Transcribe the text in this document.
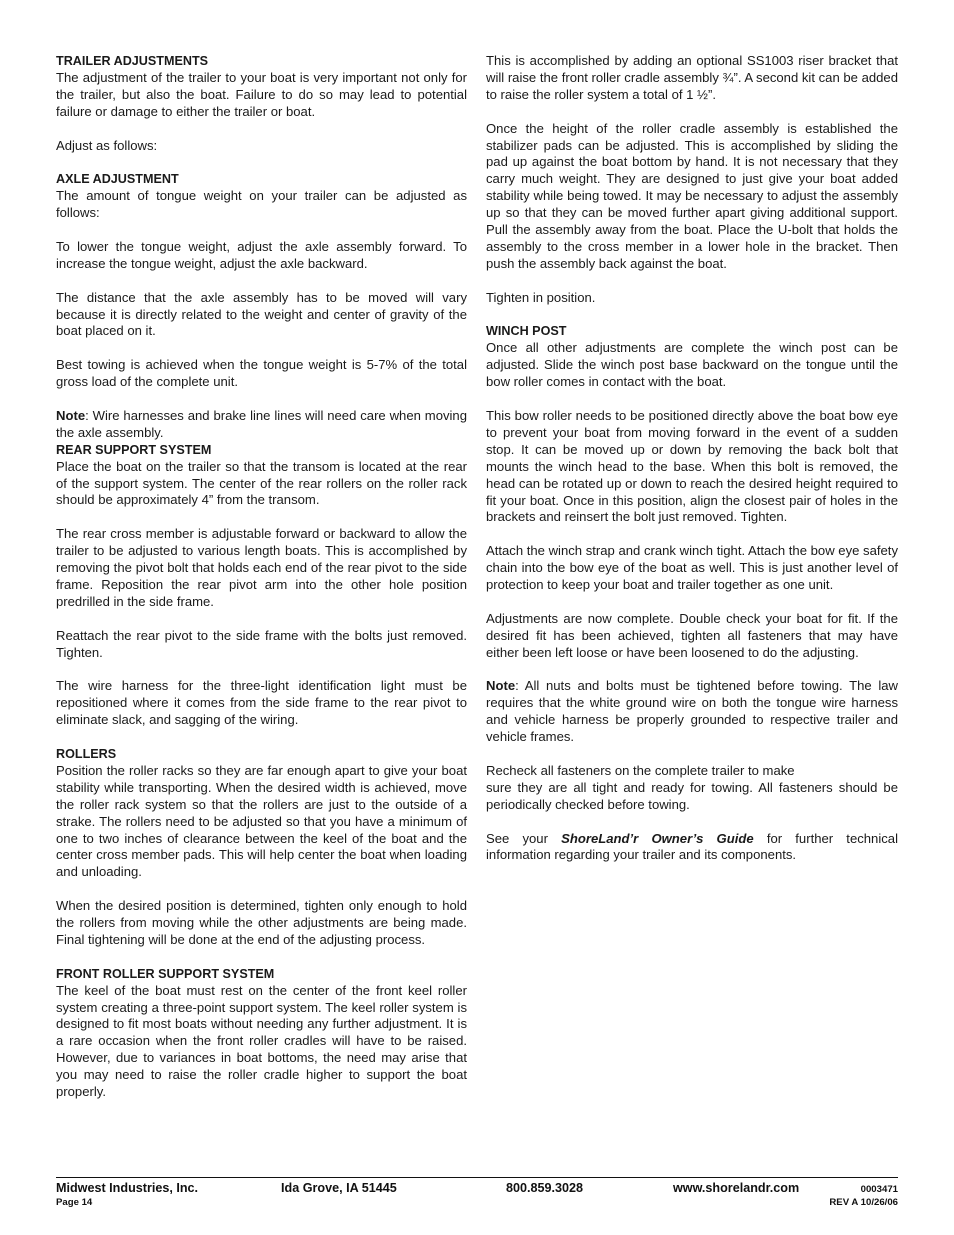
TRAILER ADJUSTMENTS
The adjustment of the trailer to your boat is very important not only for the trailer, but also the boat. Failure to do so may lead to potential failure or damage to either the trailer or boat.
Adjust as follows:
AXLE ADJUSTMENT
The amount of tongue weight on your trailer can be adjusted as follows:
To lower the tongue weight, adjust the axle assembly forward. To increase the tongue weight, adjust the axle backward.
The distance that the axle assembly has to be moved will vary because it is directly related to the weight and center of gravity of the boat placed on it.
Best towing is achieved when the tongue weight is 5-7% of the total gross load of the complete unit.
Note: Wire harnesses and brake line lines will need care when moving the axle assembly.
REAR SUPPORT SYSTEM
Place the boat on the trailer so that the transom is located at the rear of the support system. The center of the rear rollers on the roller rack should be approximately 4” from the transom.
The rear cross member is adjustable forward or backward to allow the trailer to be adjusted to various length boats. This is accomplished by removing the pivot bolt that holds each end of the rear pivot to the side frame. Reposition the rear pivot arm into the other hole position predrilled in the side frame.
Reattach the rear pivot to the side frame with the bolts just removed. Tighten.
The wire harness for the three-light identification light must be repositioned where it comes from the side frame to the rear pivot to eliminate slack, and sagging of the wiring.
ROLLERS
Position the roller racks so they are far enough apart to give your boat stability while transporting. When the desired width is achieved, move the roller rack system so that the rollers are just to the outside of a strake. The rollers need to be adjusted so that you have a minimum of one to two inches of clearance between the keel of the boat and the center cross member pads. This will help center the boat when loading and unloading.
When the desired position is determined, tighten only enough to hold the rollers from moving while the other adjustments are being made. Final tightening will be done at the end of the adjusting process.
FRONT ROLLER SUPPORT SYSTEM
The keel of the boat must rest on the center of the front keel roller system creating a three-point support system. The keel roller system is designed to fit most boats without needing any further adjustment. It is a rare occasion when the front roller cradles will have to be raised. However, due to variances in boat bottoms, the need may arise that you may need to raise the roller cradle higher to support the boat properly.
This is accomplished by adding an optional SS1003 riser bracket that will raise the front roller cradle assembly ¾”. A second kit can be added to raise the roller system a total of 1 ½”.
Once the height of the roller cradle assembly is established the stabilizer pads can be adjusted. This is accomplished by sliding the pad up against the boat bottom by hand. It is not necessary that they carry much weight. They are designed to just give your boat added stability while being towed. It may be necessary to adjust the assembly up so that they can be moved further apart giving additional support. Pull the assembly away from the boat. Place the U-bolt that holds the assembly to the cross member in a lower hole in the bracket. Then push the assembly back against the boat.
Tighten in position.
WINCH POST
Once all other adjustments are complete the winch post can be adjusted. Slide the winch post base backward on the tongue until the bow roller comes in contact with the boat.
This bow roller needs to be positioned directly above the boat bow eye to prevent your boat from moving forward in the event of a sudden stop. It can be moved up or down by removing the back bolt that mounts the winch head to the base. When this bolt is removed, the head can be rotated up or down to reach the desired height required to fit your boat. Once in this position, align the closest pair of holes in the brackets and reinsert the bolt just removed. Tighten.
Attach the winch strap and crank winch tight. Attach the bow eye safety chain into the bow eye of the boat as well. This is just another level of protection to keep your boat and trailer together as one unit.
Adjustments are now complete. Double check your boat for fit. If the desired fit has been achieved, tighten all fasteners that may have either been left loose or have been loosened to do the adjusting.
Note: All nuts and bolts must be tightened before towing. The law requires that the white ground wire on both the tongue wire harness and vehicle harness be properly grounded to respective trailer and vehicle frames.
Recheck all fasteners on the complete trailer to make
sure they are all tight and ready for towing. All fasteners should be periodically checked before towing.
See your ShoreLand’r Owner’s Guide for further technical information regarding your trailer and its components.
Midwest Industries, Inc.
Page 14
Ida Grove, IA 51445	800.859.3028	www.shorelandr.com	0003471
REV A 10/26/06
